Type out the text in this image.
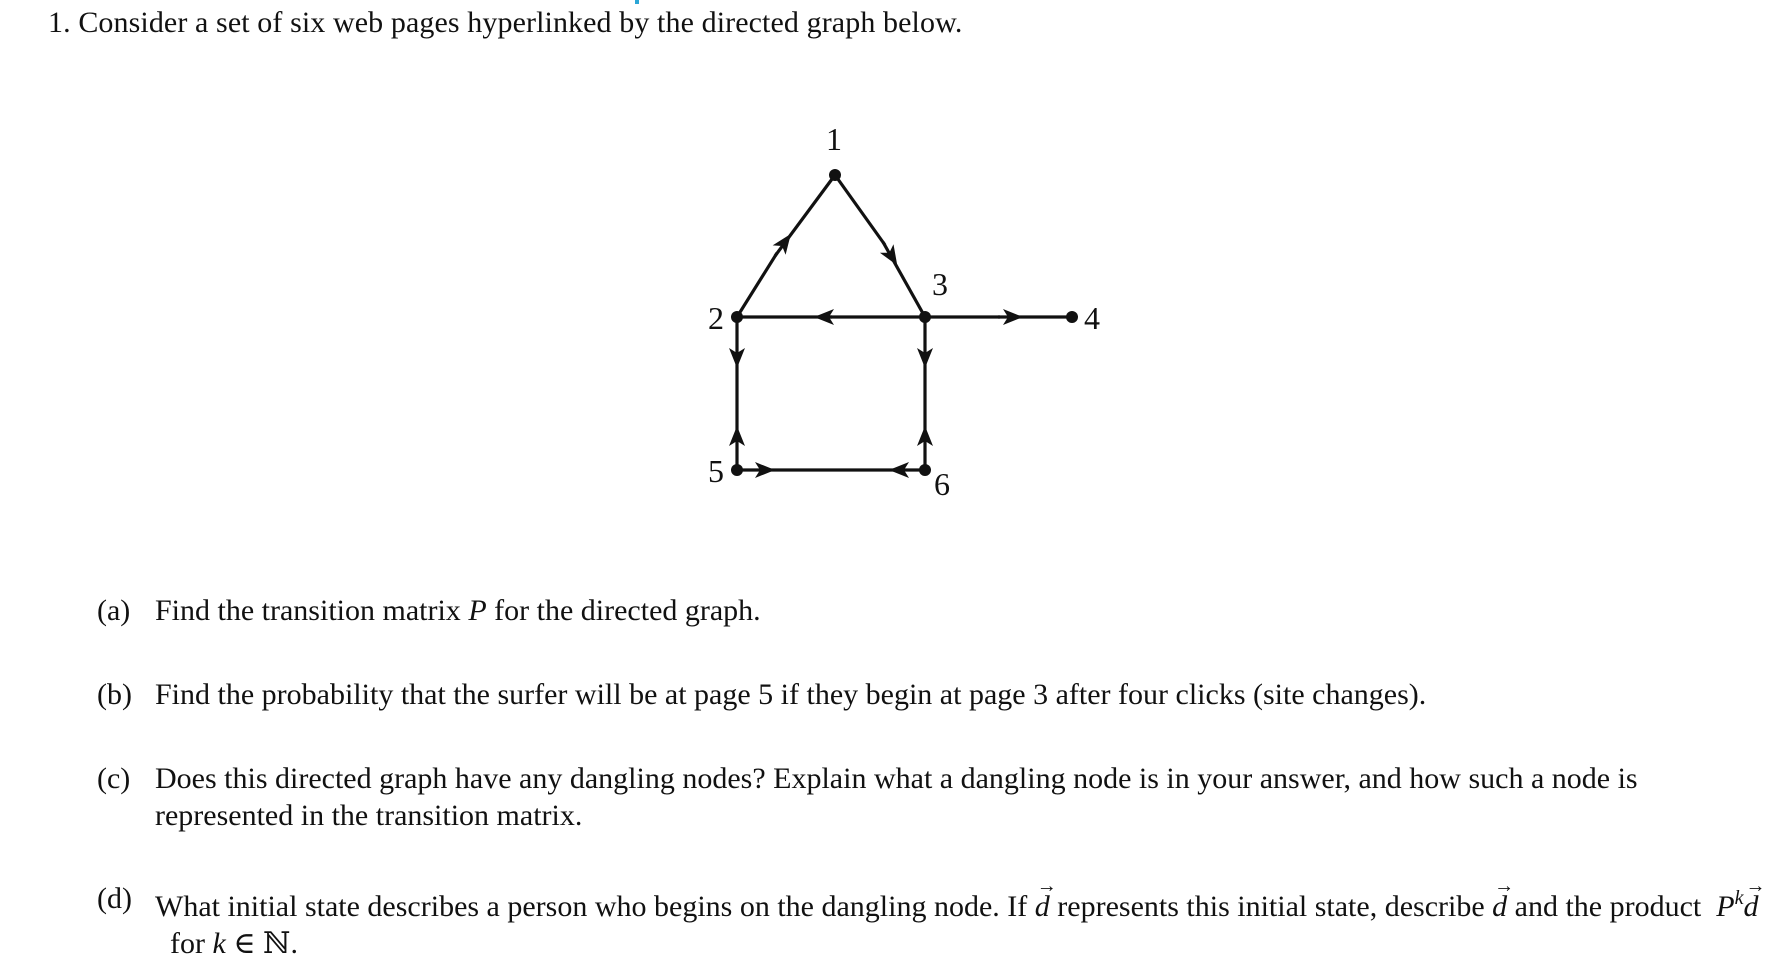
1. Consider a set of six web pages hyperlinked by the directed graph below.
1
2
3
4
5	6
(a) Find the transition matrix P for the directed graph.
(b) Find the probability that the surfer will be at page 5 if they begin at page 3 after four clicks (site changes).
(c) Does this directed graph have any dangling nodes? Explain what a dangling node is in your answer, and how such a node is represented in the transition matrix.
(d) What initial state describes a person who begins on the dangling node. If d → represents this initial state, describe d → and the product $P^kd$ →  for k ∈ ℕ.
